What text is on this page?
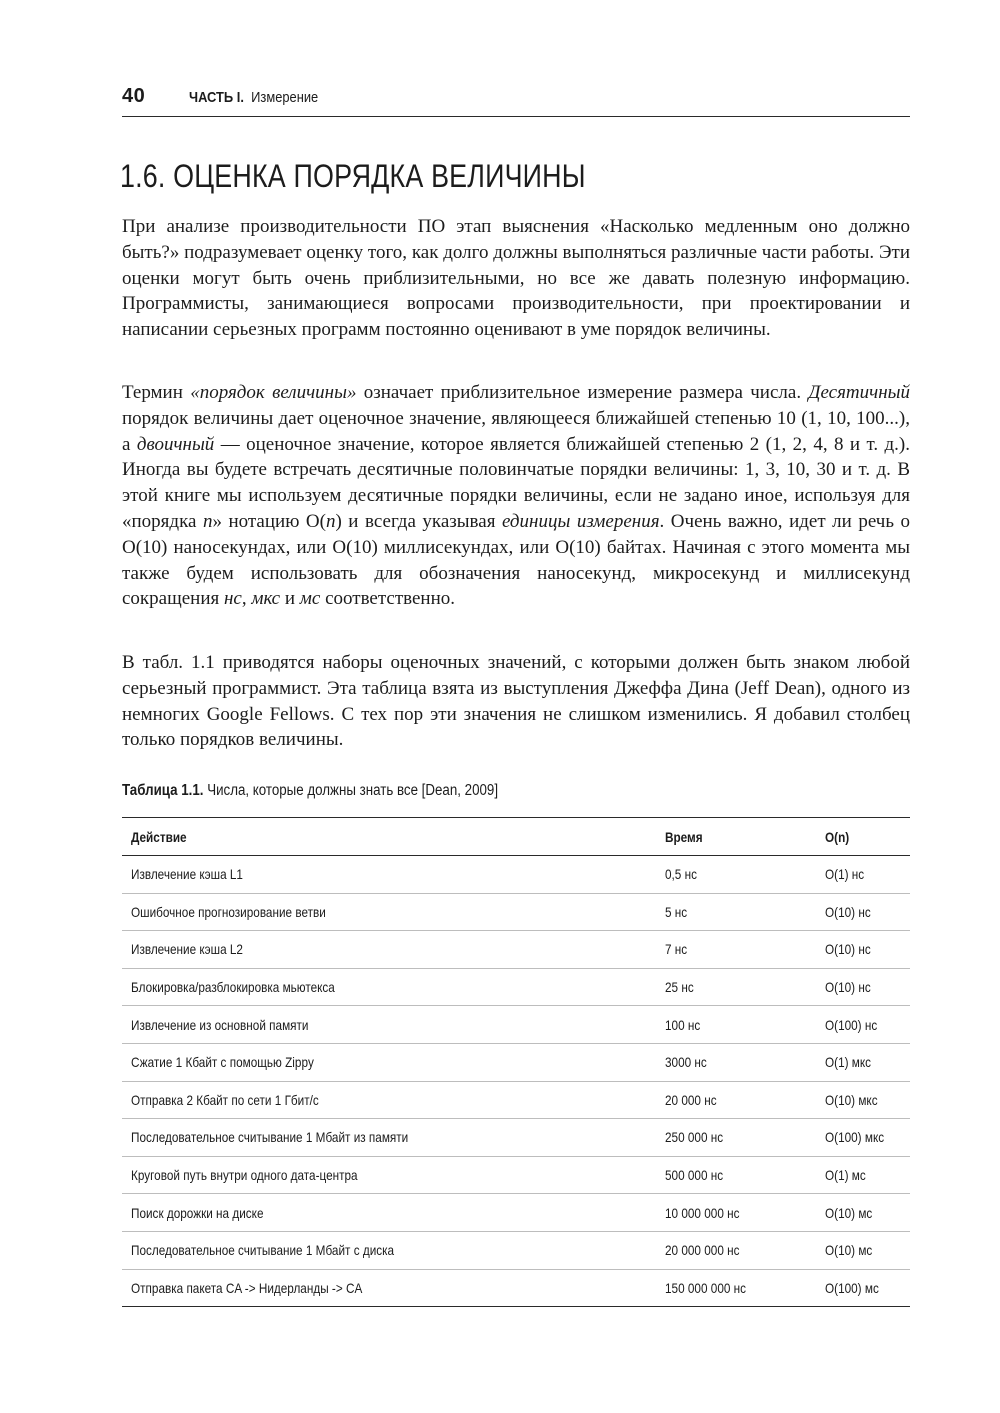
40	ЧАСТЬ I. Измерение
1.6. ОЦЕНКА ПОРЯДКА ВЕЛИЧИНЫ

При анализе производительности ПО этап выяснения «Насколько медленным оно должно быть?» подразумевает оценку того, как долго должны выполняться различные части работы. Эти оценки могут быть очень приблизительными, но все же давать полезную информацию. Программисты, занимающиеся вопросами производительности, при проектировании и написании серьезных программ постоянно оценивают в уме порядок величины.

Термин «порядок величины» означает приблизительное измерение размера числа. Десятичный порядок величины дает оценочное значение, являющееся ближайшей степенью 10 (1, 10, 100...), а двоичный — оценочное значение, которое является ближайшей степенью 2 (1, 2, 4, 8 и т. д.). Иногда вы будете встречать десятичные половинчатые порядки величины: 1, 3, 10, 30 и т. д. В этой книге мы используем десятичные порядки величины, если не задано иное, используя для «порядка n» нотацию O(n) и всегда указывая единицы измерения. Очень важно, идет ли речь о O(10) наносекундах, или O(10) миллисекундах, или O(10) байтах. Начиная с этого момента мы также будем использовать для обозначения наносекунд, микросекунд и миллисекунд сокращения нс, мкс и мс соответственно.

В табл. 1.1 приводятся наборы оценочных значений, с которыми должен быть знаком любой серьезный программист. Эта таблица взята из выступления Джеффа Дина (Jeff Dean), одного из немногих Google Fellows. С тех пор эти значения не слишком изменились. Я добавил столбец только порядков величины.

Таблица 1.1. Числа, которые должны знать все [Dean, 2009]
Действие	Время	O(n)
Извлечение кэша L1	0,5 нс	O(1) нс
Ошибочное прогнозирование ветви	5 нс	O(10) нс
Извлечение кэша L2	7 нс	O(10) нс
Блокировка/разблокировка мьютекса	25 нс	O(10) нс
Извлечение из основной памяти	100 нс	O(100) нс
Сжатие 1 Кбайт с помощью Zippy	3000 нс	O(1) мкс
Отправка 2 Кбайт по сети 1 Гбит/с	20 000 нс	O(10) мкс
Последовательное считывание 1 Мбайт из памяти	250 000 нс	O(100) мкс
Круговой путь внутри одного дата-центра	500 000 нс	O(1) мс
Поиск дорожки на диске	10 000 000 нс	O(10) мс
Последовательное считывание 1 Мбайт с диска	20 000 000 нс	O(10) мс
Отправка пакета CA -> Нидерланды -> CA	150 000 000 нс	O(100) мс
